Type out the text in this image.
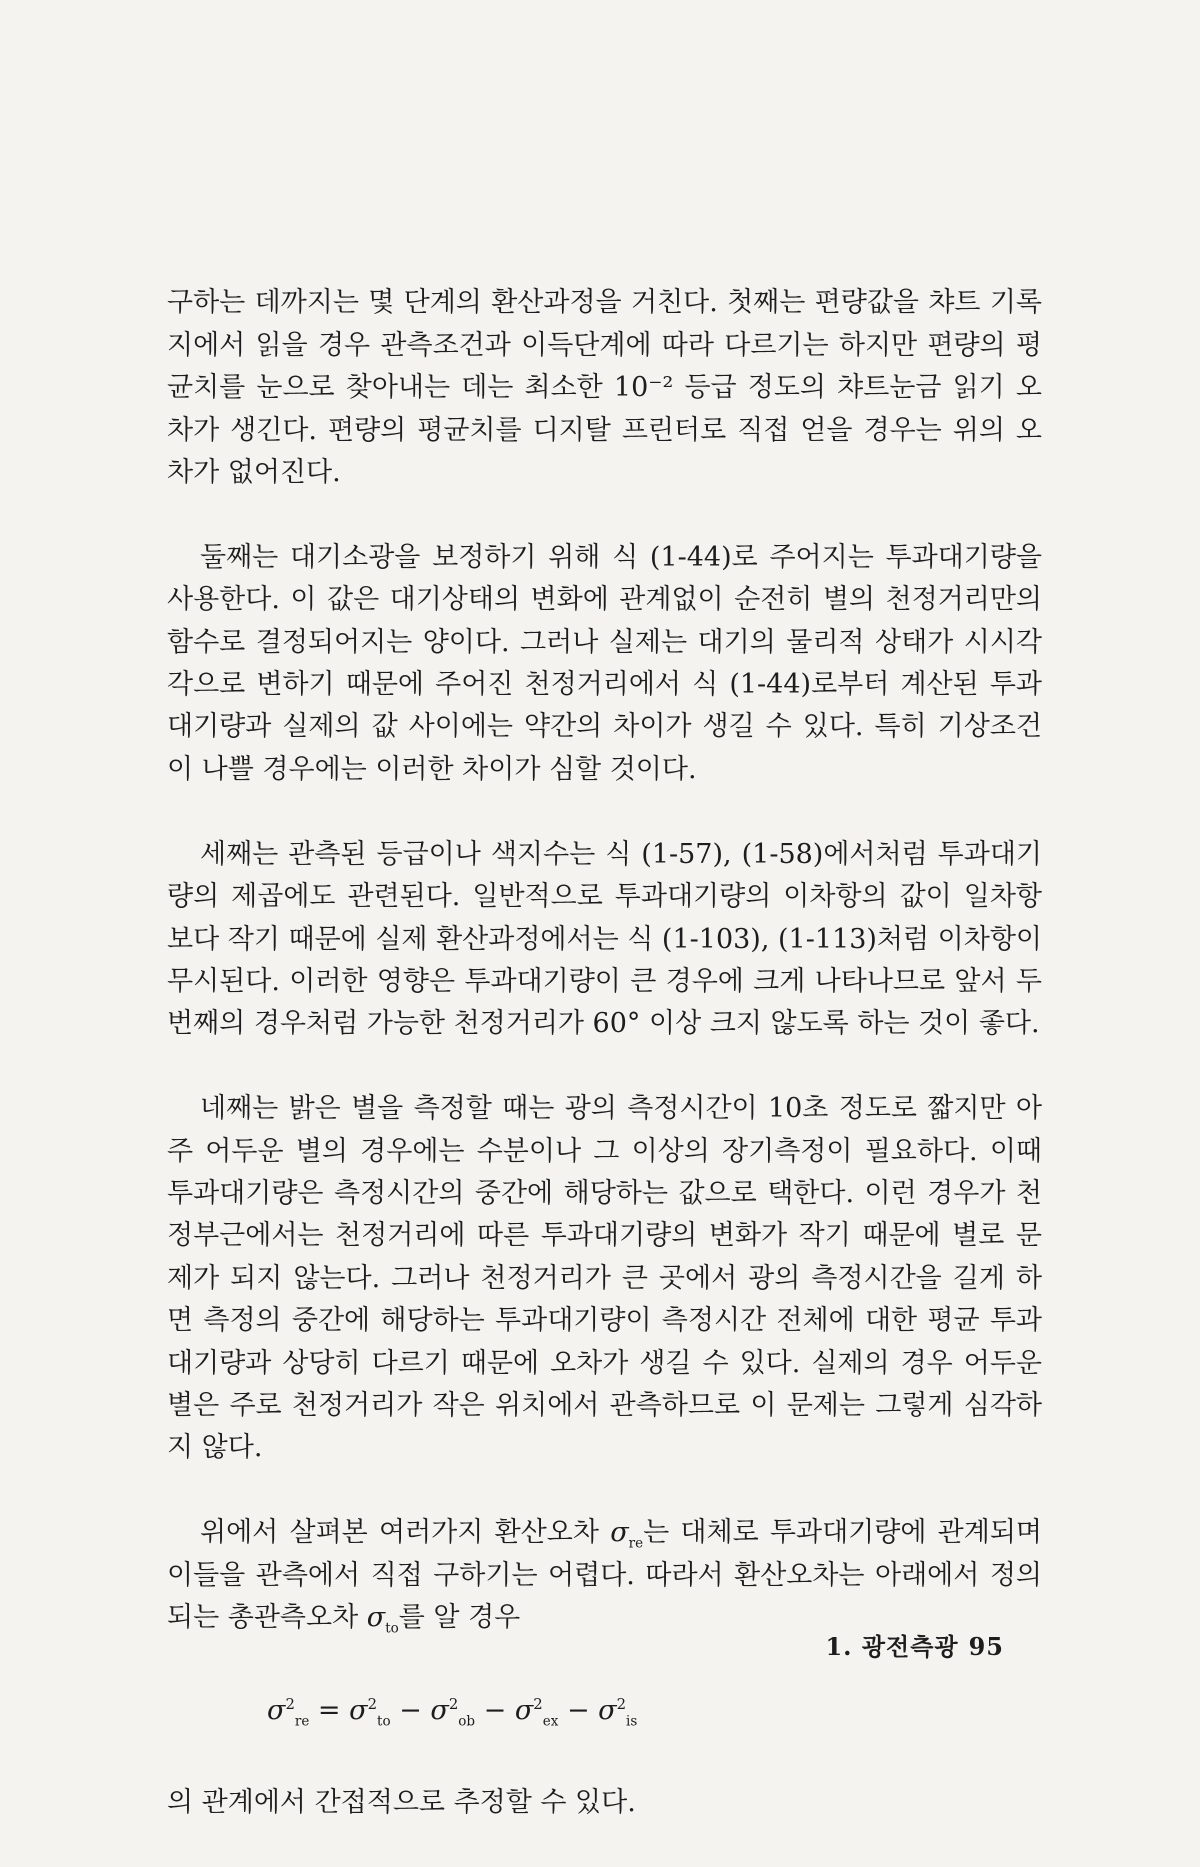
구하는 데까지는 몇 단계의 환산과정을 거친다. 첫째는 편량값을 챠트 기록지에서 읽을 경우 관측조건과 이득단계에 따라 다르기는 하지만 편량의 평균치를 눈으로 찾아내는 데는 최소한 10⁻² 등급 정도의 챠트눈금 읽기 오차가 생긴다. 편량의 평균치를 디지탈 프린터로 직접 얻을 경우는 위의 오차가 없어진다.

둘째는 대기소광을 보정하기 위해 식 (1-44)로 주어지는 투과대기량을 사용한다. 이 값은 대기상태의 변화에 관계없이 순전히 별의 천정거리만의 함수로 결정되어지는 양이다. 그러나 실제는 대기의 물리적 상태가 시시각각으로 변하기 때문에 주어진 천정거리에서 식 (1-44)로부터 계산된 투과대기량과 실제의 값 사이에는 약간의 차이가 생길 수 있다. 특히 기상조건이 나쁠 경우에는 이러한 차이가 심할 것이다.

세째는 관측된 등급이나 색지수는 식 (1-57), (1-58)에서처럼 투과대기량의 제곱에도 관련된다. 일반적으로 투과대기량의 이차항의 값이 일차항보다 작기 때문에 실제 환산과정에서는 식 (1-103), (1-113)처럼 이차항이 무시된다. 이러한 영향은 투과대기량이 큰 경우에 크게 나타나므로 앞서 두번째의 경우처럼 가능한 천정거리가 60° 이상 크지 않도록 하는 것이 좋다.

네째는 밝은 별을 측정할 때는 광의 측정시간이 10초 정도로 짧지만 아주 어두운 별의 경우에는 수분이나 그 이상의 장기측정이 필요하다. 이때 투과대기량은 측정시간의 중간에 해당하는 값으로 택한다. 이런 경우가 천정부근에서는 천정거리에 따른 투과대기량의 변화가 작기 때문에 별로 문제가 되지 않는다. 그러나 천정거리가 큰 곳에서 광의 측정시간을 길게 하면 측정의 중간에 해당하는 투과대기량이 측정시간 전체에 대한 평균 투과대기량과 상당히 다르기 때문에 오차가 생길 수 있다. 실제의 경우 어두운 별은 주로 천정거리가 작은 위치에서 관측하므로 이 문제는 그렇게 심각하지 않다.

위에서 살펴본 여러가지 환산오차 $\sigma_{re}$는 대체로 투과대기량에 관계되며 이들을 관측에서 직접 구하기는 어렵다. 따라서 환산오차는 아래에서 정의되는 총관측오차 $\sigma_{to}$를 알 경우

$\sigma^2_{re} = \sigma^2_{to} - \sigma^2_{ob} - \sigma^2_{ex} - \sigma^2_{is}$

의 관계에서 간접적으로 추정할 수 있다.

1. 광전측광 95
